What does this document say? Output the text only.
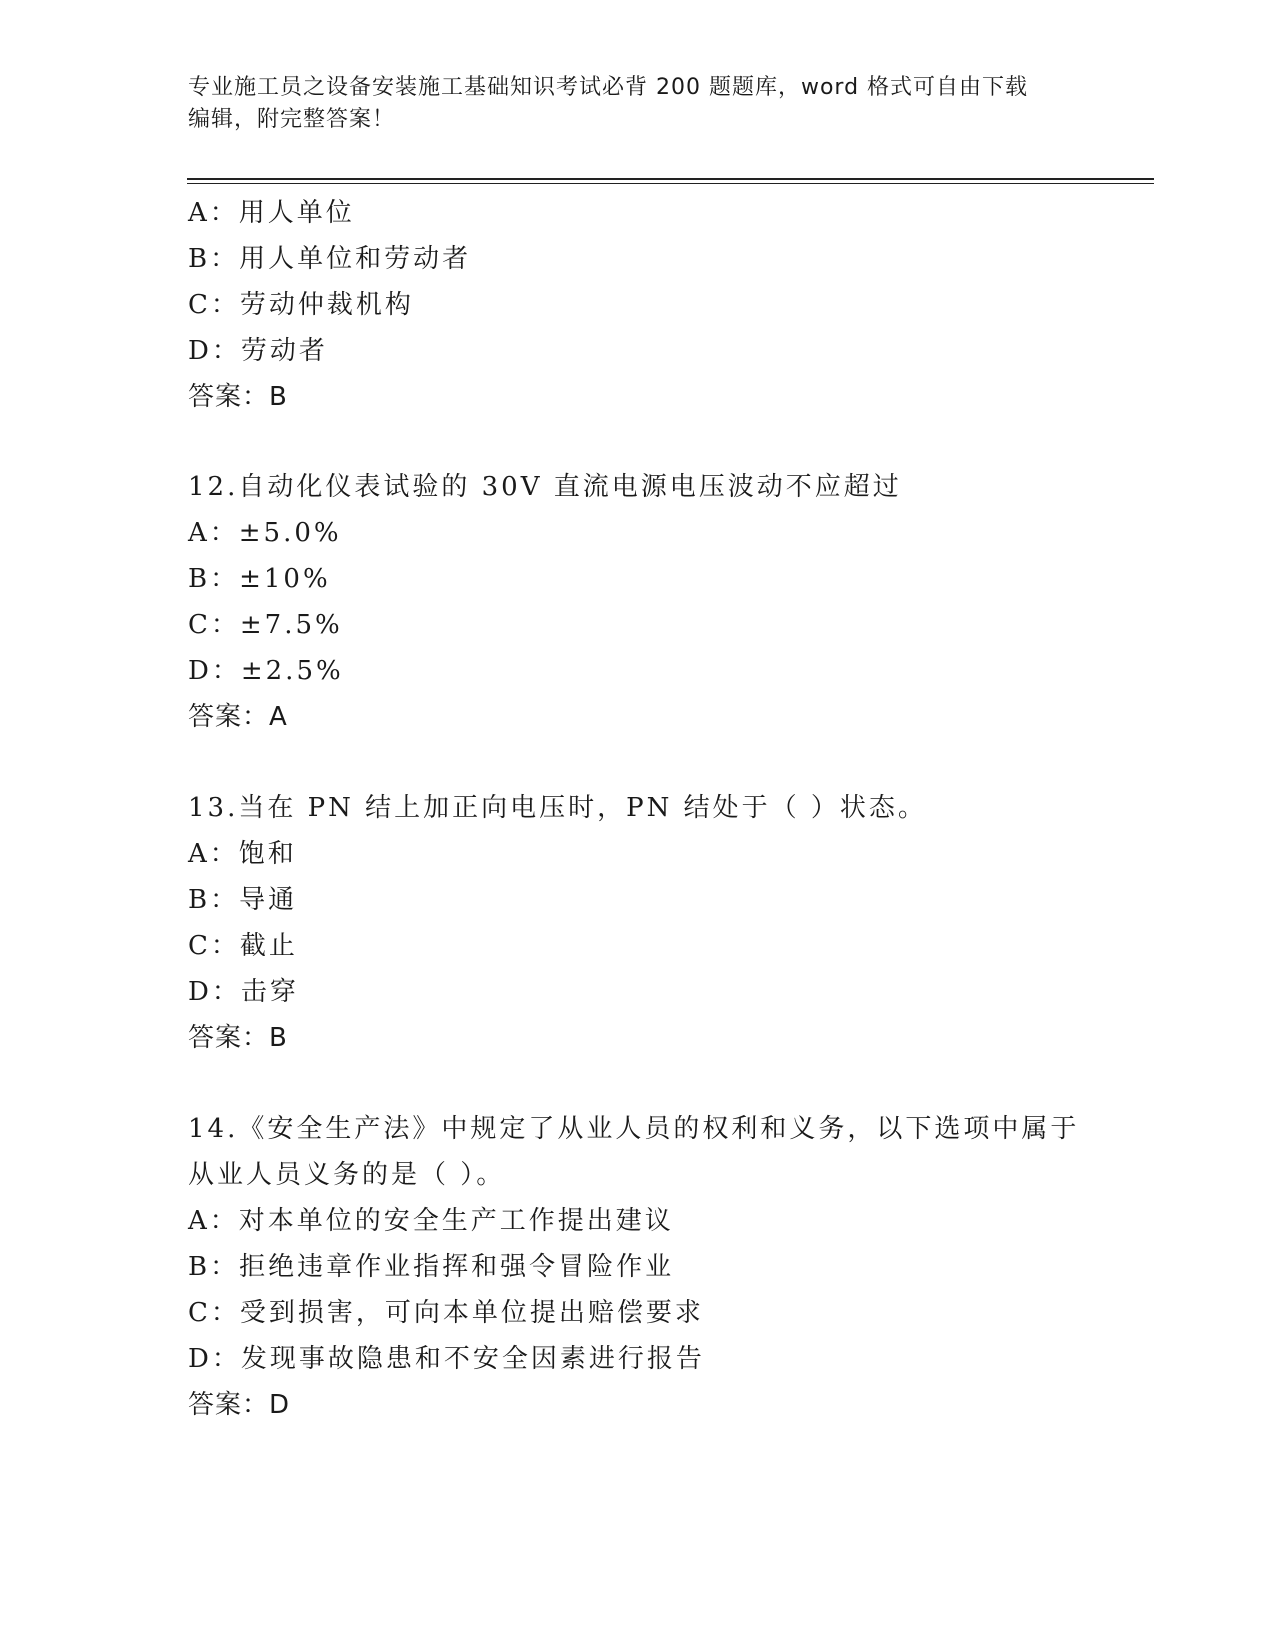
专业施工员之设备安装施工基础知识考试必背 200 题题库，word 格式可自由下载
编辑，附完整答案！
A：用人单位
B：用人单位和劳动者
C：劳动仲裁机构
D：劳动者
答案：B
12.自动化仪表试验的 30V 直流电源电压波动不应超过
A：±5.0%
B：±10%
C：±7.5%
D：±2.5%
答案：A
13.当在 PN 结上加正向电压时，PN 结处于（ ）状态。
A：饱和
B：导通
C：截止
D：击穿
答案：B
14.《安全生产法》中规定了从业人员的权利和义务，以下选项中属于
从业人员义务的是（ ）。
A：对本单位的安全生产工作提出建议
B：拒绝违章作业指挥和强令冒险作业
C：受到损害，可向本单位提出赔偿要求
D：发现事故隐患和不安全因素进行报告
答案：D
